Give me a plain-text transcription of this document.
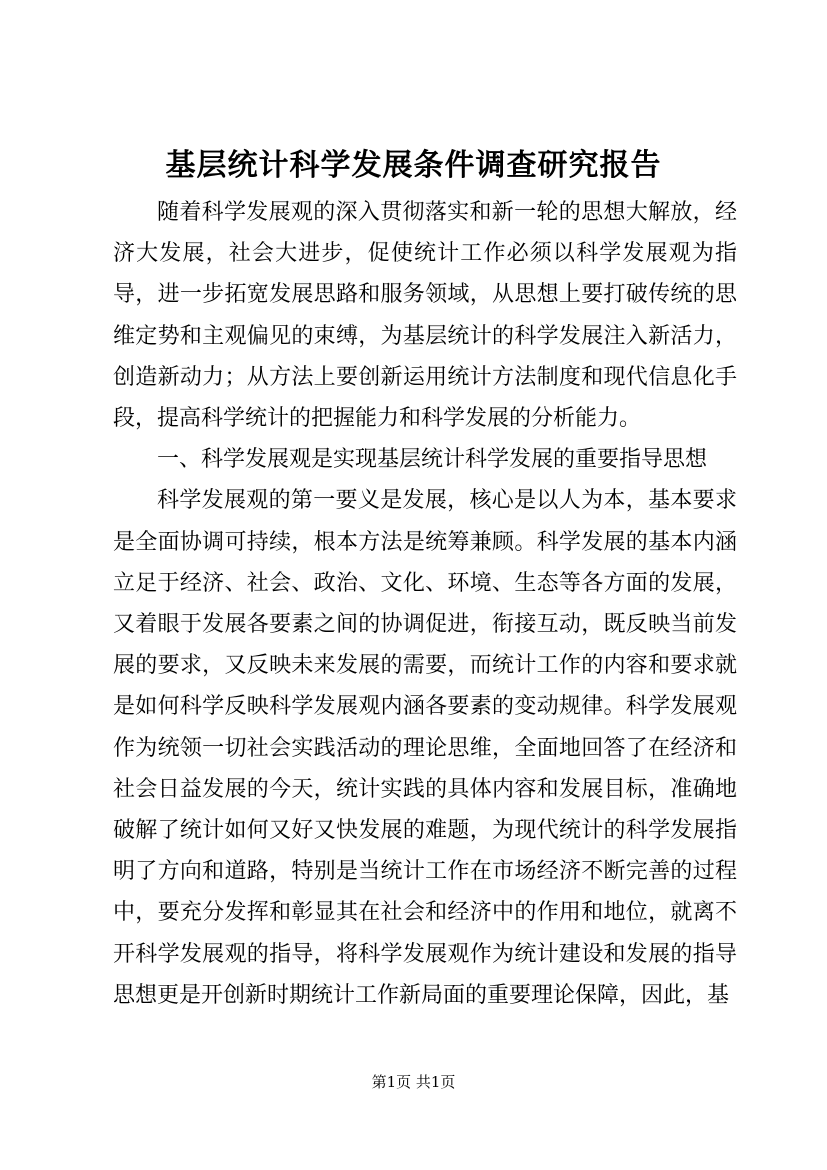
基层统计科学发展条件调查研究报告

随着科学发展观的深入贯彻落实和新一轮的思想大解放，经济大发展，社会大进步，促使统计工作必须以科学发展观为指导，进一步拓宽发展思路和服务领域，从思想上要打破传统的思维定势和主观偏见的束缚，为基层统计的科学发展注入新活力，创造新动力；从方法上要创新运用统计方法制度和现代信息化手段，提高科学统计的把握能力和科学发展的分析能力。

一、科学发展观是实现基层统计科学发展的重要指导思想

科学发展观的第一要义是发展，核心是以人为本，基本要求是全面协调可持续，根本方法是统筹兼顾。科学发展的基本内涵立足于经济、社会、政治、文化、环境、生态等各方面的发展，又着眼于发展各要素之间的协调促进，衔接互动，既反映当前发展的要求，又反映未来发展的需要，而统计工作的内容和要求就是如何科学反映科学发展观内涵各要素的变动规律。科学发展观作为统领一切社会实践活动的理论思维，全面地回答了在经济和社会日益发展的今天，统计实践的具体内容和发展目标，准确地破解了统计如何又好又快发展的难题，为现代统计的科学发展指明了方向和道路，特别是当统计工作在市场经济不断完善的过程中，要充分发挥和彰显其在社会和经济中的作用和地位，就离不开科学发展观的指导，将科学发展观作为统计建设和发展的指导思想更是开创新时期统计工作新局面的重要理论保障，因此，基

第1页 共1页
